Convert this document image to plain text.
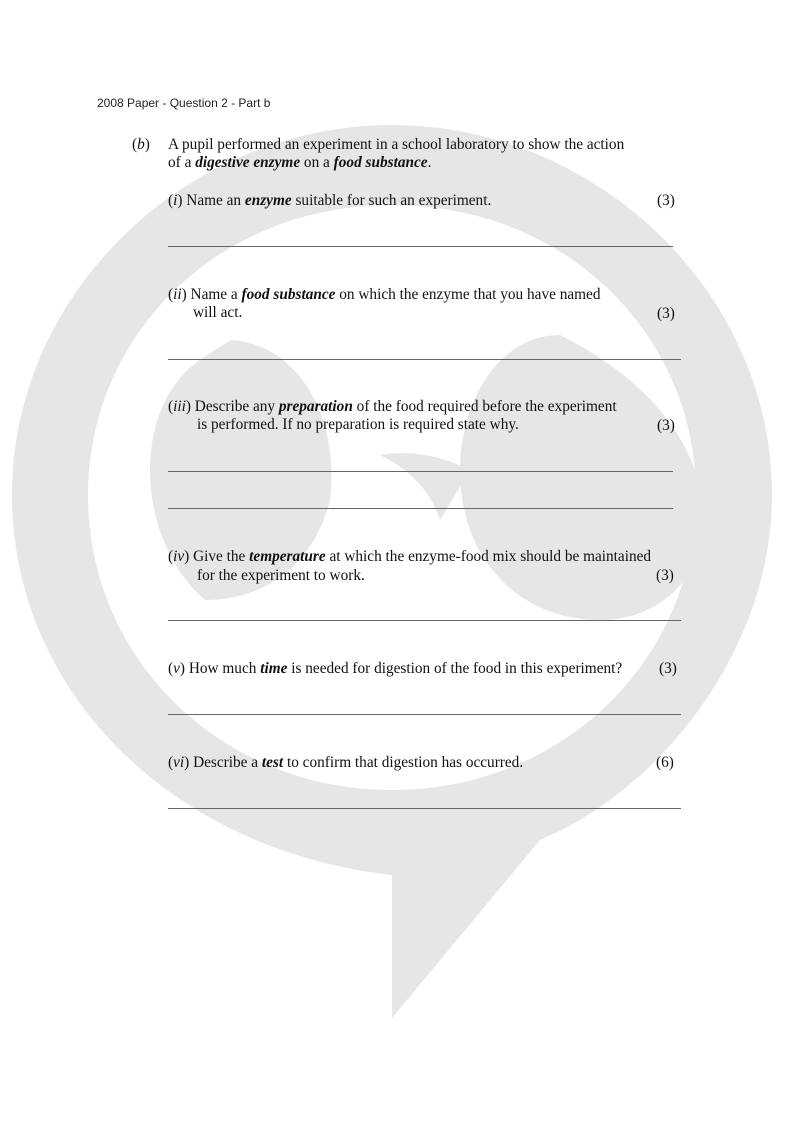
2008 Paper - Question 2 - Part b
(b) A pupil performed an experiment in a school laboratory to show the action
of a digestive enzyme on a food substance.
(i) Name an enzyme suitable for such an experiment.	(3)
(ii) Name a food substance on which the enzyme that you have named
will act.	(3)
(iii) Describe any preparation of the food required before the experiment
is performed. If no preparation is required state why.	(3)
(iv) Give the temperature at which the enzyme-food mix should be maintained
for the experiment to work.	(3)
(v) How much time is needed for digestion of the food in this experiment? (3)
(vi) Describe a test to confirm that digestion has occurred.	(6)
